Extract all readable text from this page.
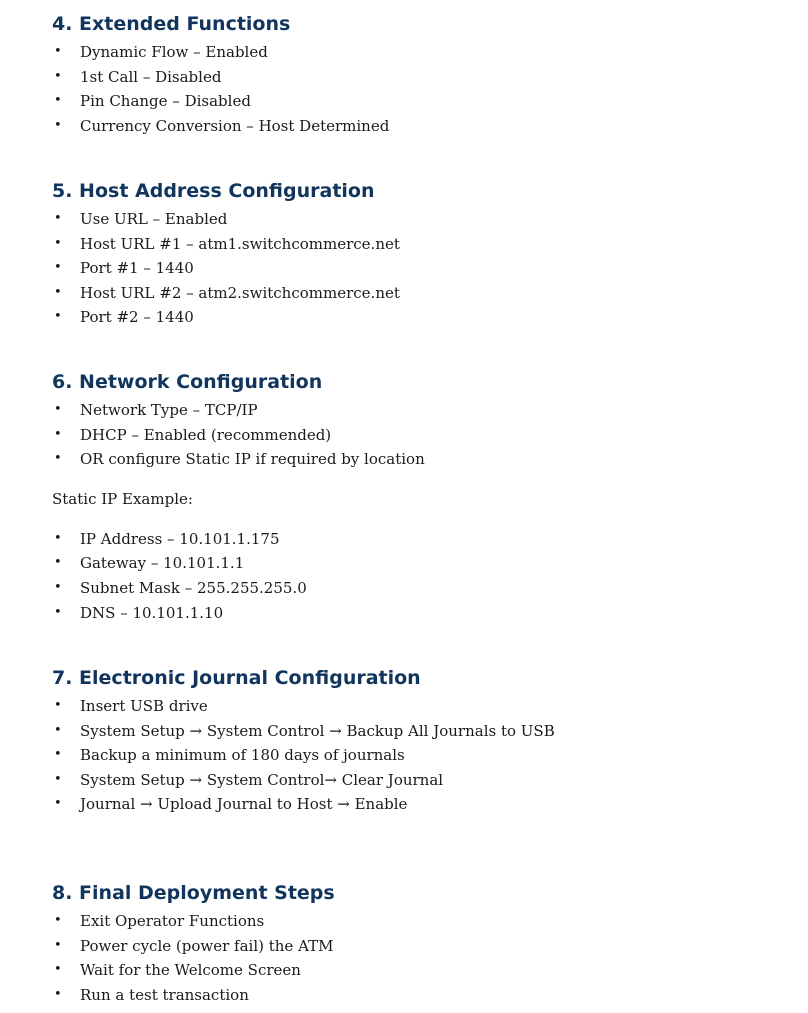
4. Extended Functions
• Dynamic Flow – Enabled
• 1st Call – Disabled
• Pin Change – Disabled
• Currency Conversion – Host Determined
5. Host Address Configuration
• Use URL – Enabled
• Host URL #1 – atm1.switchcommerce.net
• Port #1 – 1440
• Host URL #2 – atm2.switchcommerce.net
• Port #2 – 1440
6. Network Configuration
• Network Type – TCP/IP
• DHCP – Enabled (recommended)
• OR configure Static IP if required by location

Static IP Example:

• IP Address – 10.101.1.175
• Gateway – 10.101.1.1
• Subnet Mask – 255.255.255.0
• DNS – 10.101.1.10
7. Electronic Journal Configuration
• Insert USB drive
• System Setup → System Control → Backup All Journals to USB
• Backup a minimum of 180 days of journals
• System Setup → System Control→ Clear Journal
• Journal → Upload Journal to Host → Enable
8. Final Deployment Steps
• Exit Operator Functions
• Power cycle (power fail) the ATM
• Wait for the Welcome Screen
• Run a test transaction
